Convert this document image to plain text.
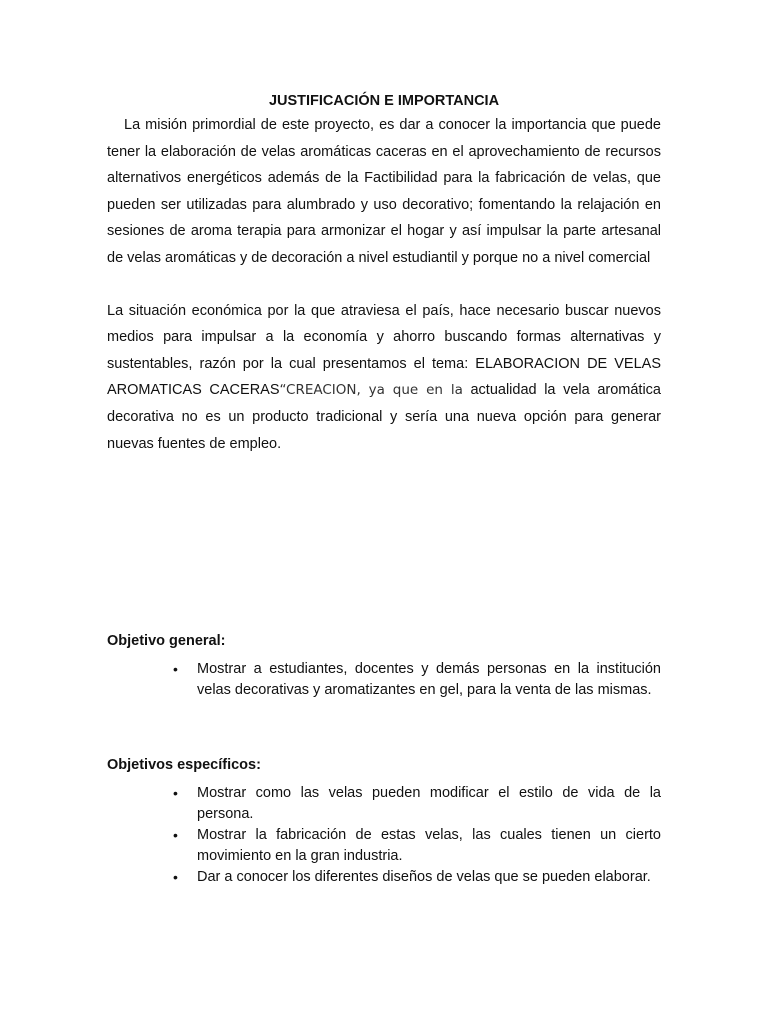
JUSTIFICACIÓN E IMPORTANCIA

La misión primordial de este proyecto, es dar a conocer la importancia que puede tener la elaboración de velas aromáticas caceras en el aprovechamiento de recursos alternativos energéticos además de la Factibilidad para la fabricación de velas, que pueden ser utilizadas para alumbrado y uso decorativo; fomentando la relajación en sesiones de aroma terapia para armonizar el hogar y así impulsar la parte artesanal de velas aromáticas y de decoración a nivel estudiantil y porque no a nivel comercial

La situación económica por la que atraviesa el país, hace necesario buscar nuevos medios para impulsar a la economía y ahorro buscando formas alternativas y sustentables, razón por la cual presentamos el tema: ELABORACION DE VELAS AROMATICAS CACERAS“CREACION, ya que en la actualidad la vela aromática decorativa no es un producto tradicional y sería una nueva opción para generar nuevas fuentes de empleo.

Objetivo general:

• Mostrar a estudiantes, docentes y demás personas en la institución velas decorativas y aromatizantes en gel, para la venta de las mismas.

Objetivos específicos:

• Mostrar como las velas pueden modificar el estilo de vida de la persona.
• Mostrar la fabricación de estas velas, las cuales tienen un cierto movimiento en la gran industria.
• Dar a conocer los diferentes diseños de velas que se pueden elaborar.
